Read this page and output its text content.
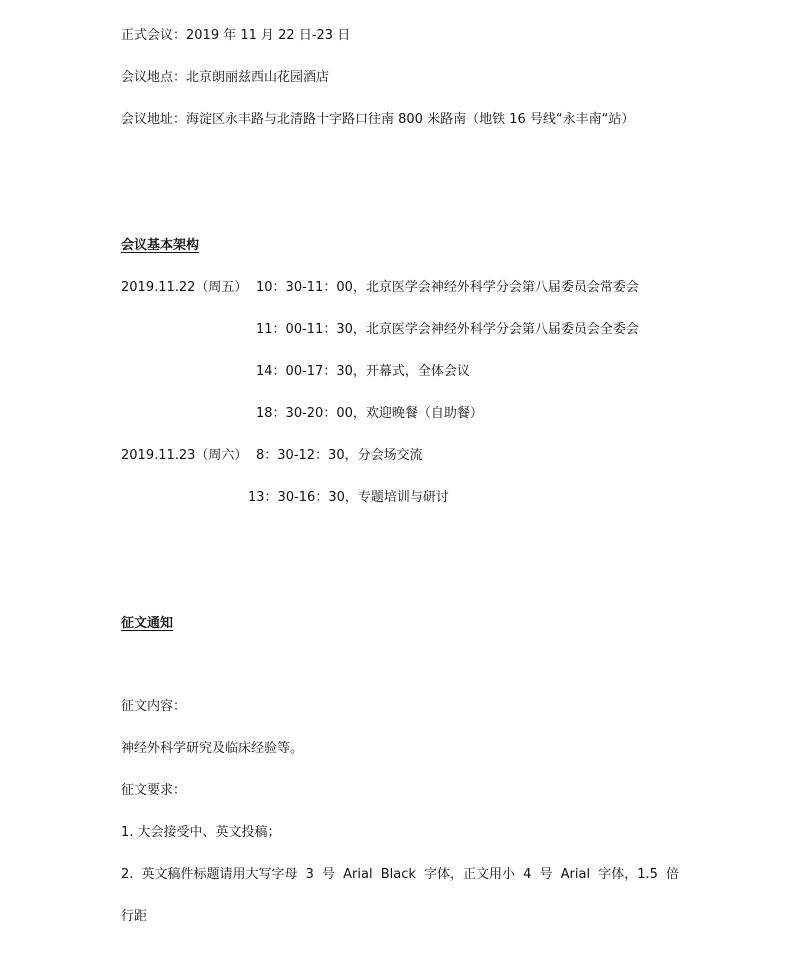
正式会议：2019 年 11 月 22 日-23 日
会议地点：北京朗丽兹西山花园酒店
会议地址：海淀区永丰路与北清路十字路口往南 800 米路南（地铁 16 号线“永丰南“站）
会议基本架构
2019.11.22（周五） 10：30-11：00，北京医学会神经外科学分会第八届委员会常委会
11：00-11：30，北京医学会神经外科学分会第八届委员会全委会
14：00-17：30，开幕式，全体会议
18：30-20：00，欢迎晚餐（自助餐）
2019.11.23（周六） 8：30-12：30，分会场交流
13：30-16：30，专题培训与研讨
征文通知
征文内容：
神经外科学研究及临床经验等。
征文要求：
1. 大会接受中、英文投稿；
2. 英文稿件标题请用大写字母 3 号 Arial Black 字体，正文用小 4 号 Arial 字体，1.5 倍
行距
